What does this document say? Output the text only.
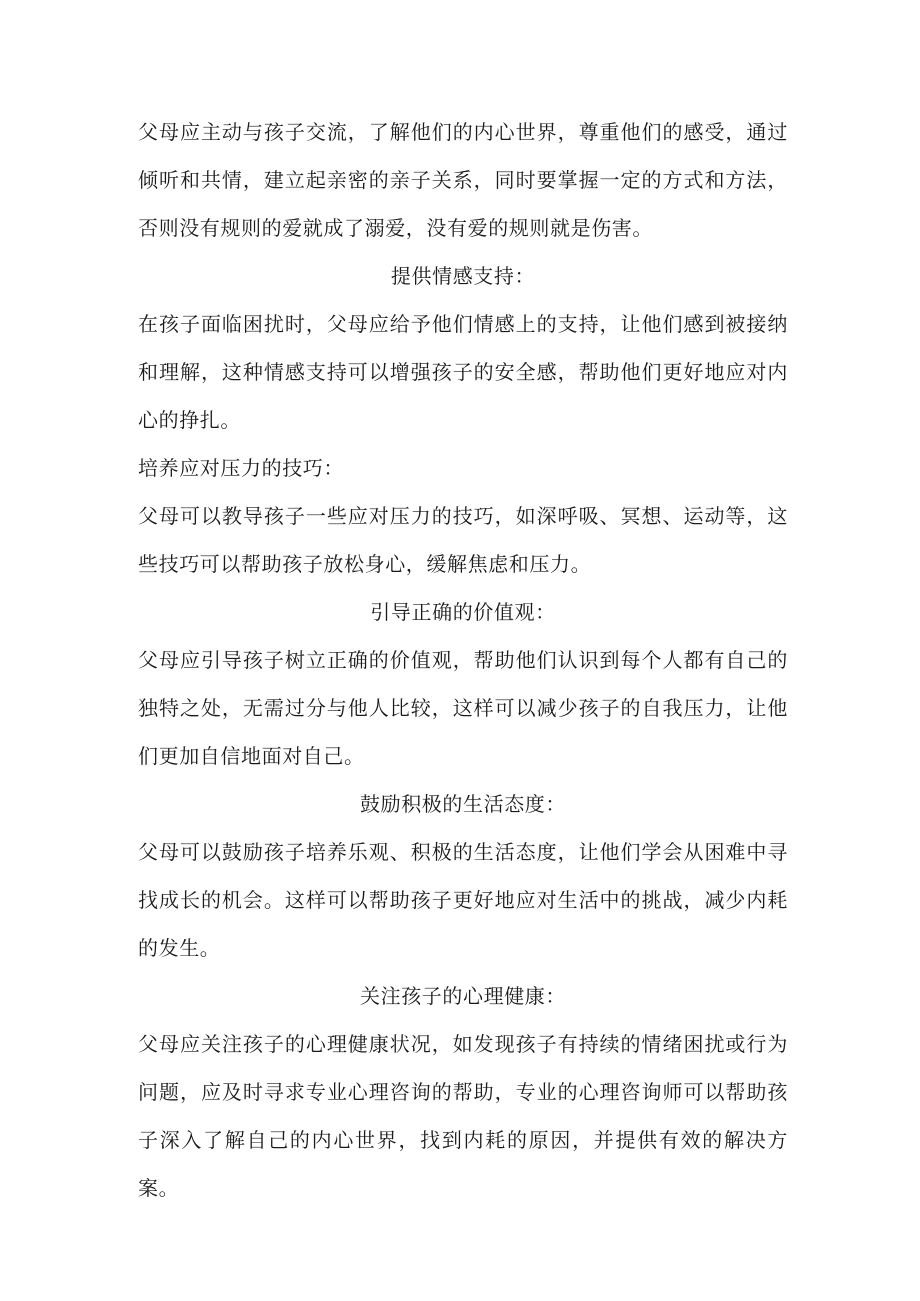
父母应主动与孩子交流，了解他们的内心世界，尊重他们的感受，通过倾听和共情，建立起亲密的亲子关系，同时要掌握一定的方式和方法，否则没有规则的爱就成了溺爱，没有爱的规则就是伤害。

提供情感支持：

在孩子面临困扰时，父母应给予他们情感上的支持，让他们感到被接纳和理解，这种情感支持可以增强孩子的安全感，帮助他们更好地应对内心的挣扎。

培养应对压力的技巧：

父母可以教导孩子一些应对压力的技巧，如深呼吸、冥想、运动等，这些技巧可以帮助孩子放松身心，缓解焦虑和压力。

引导正确的价值观：

父母应引导孩子树立正确的价值观，帮助他们认识到每个人都有自己的独特之处，无需过分与他人比较，这样可以减少孩子的自我压力，让他们更加自信地面对自己。

鼓励积极的生活态度：

父母可以鼓励孩子培养乐观、积极的生活态度，让他们学会从困难中寻找成长的机会。这样可以帮助孩子更好地应对生活中的挑战，减少内耗的发生。

关注孩子的心理健康：

父母应关注孩子的心理健康状况，如发现孩子有持续的情绪困扰或行为问题，应及时寻求专业心理咨询的帮助，专业的心理咨询师可以帮助孩子深入了解自己的内心世界，找到内耗的原因，并提供有效的解决方案。
